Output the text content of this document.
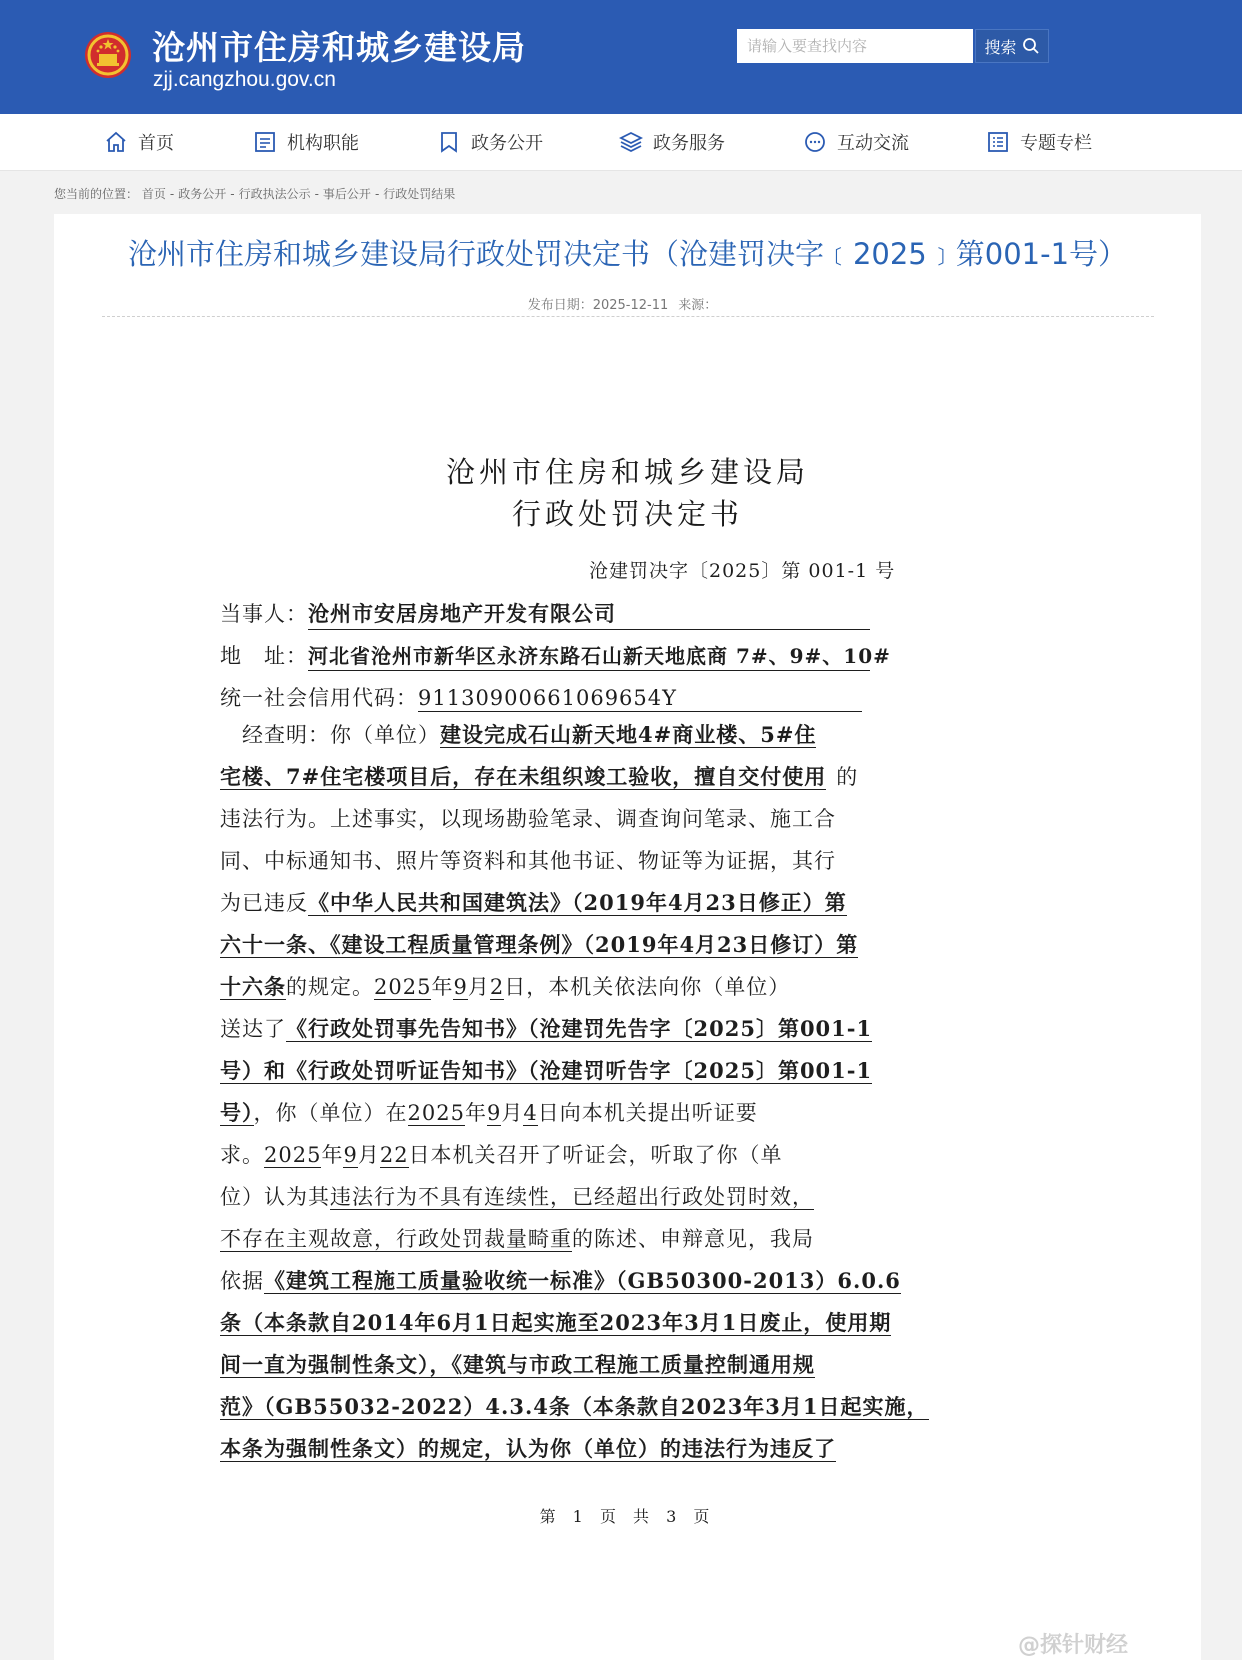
沧州市住房和城乡建设局
zjj.cangzhou.gov.cn
请输入要查找内容
搜索
首页	机构职能	政务公开	政务服务	互动交流	专题专栏
您当前的位置： 首页 - 政务公开 - 行政执法公示 - 事后公开 - 行政处罚结果
沧州市住房和城乡建设局行政处罚决定书（沧建罚决字﹝2025﹞第001-1号）
发布日期：2025-12-11 来源：
沧州市住房和城乡建设局
行政处罚决定书
沧建罚决字〔2025〕第 001-1 号
当事人：沧州市安居房地产开发有限公司
地　址：河北省沧州市新华区永济东路石山新天地底商 7#、9#、10#
统一社会信用代码：91130900661069654Y
　经查明：你（单位）建设完成石山新天地4#商业楼、5#住
宅楼、7#住宅楼项目后，存在未组织竣工验收，擅自交付使用 的
违法行为。上述事实，以现场勘验笔录、调查询问笔录、施工合
同、中标通知书、照片等资料和其他书证、物证等为证据，其行
为已违反《中华人民共和国建筑法》（2019年4月23日修正）第
六十一条、《建设工程质量管理条例》（2019年4月23日修订）第
十六条的规定。2025年9月2日，本机关依法向你（单位）
送达了《行政处罚事先告知书》（沧建罚先告字〔2025〕第001-1
号）和《行政处罚听证告知书》（沧建罚听告字〔2025〕第001-1
号），你（单位）在2025年9月4日向本机关提出听证要
求。2025年9月22日本机关召开了听证会，听取了你（单
位）认为其违法行为不具有连续性，已经超出行政处罚时效，
不存在主观故意，行政处罚裁量畸重的陈述、申辩意见，我局
依据《建筑工程施工质量验收统一标准》（GB50300-2013）6.0.6
条（本条款自2014年6月1日起实施至2023年3月1日废止，使用期
间一直为强制性条文），《建筑与市政工程施工质量控制通用规
范》（GB55032-2022）4.3.4条（本条款自2023年3月1日起实施，
本条为强制性条文）的规定，认为你（单位）的违法行为违反了
第 1 页 共 3 页
@探针财经
